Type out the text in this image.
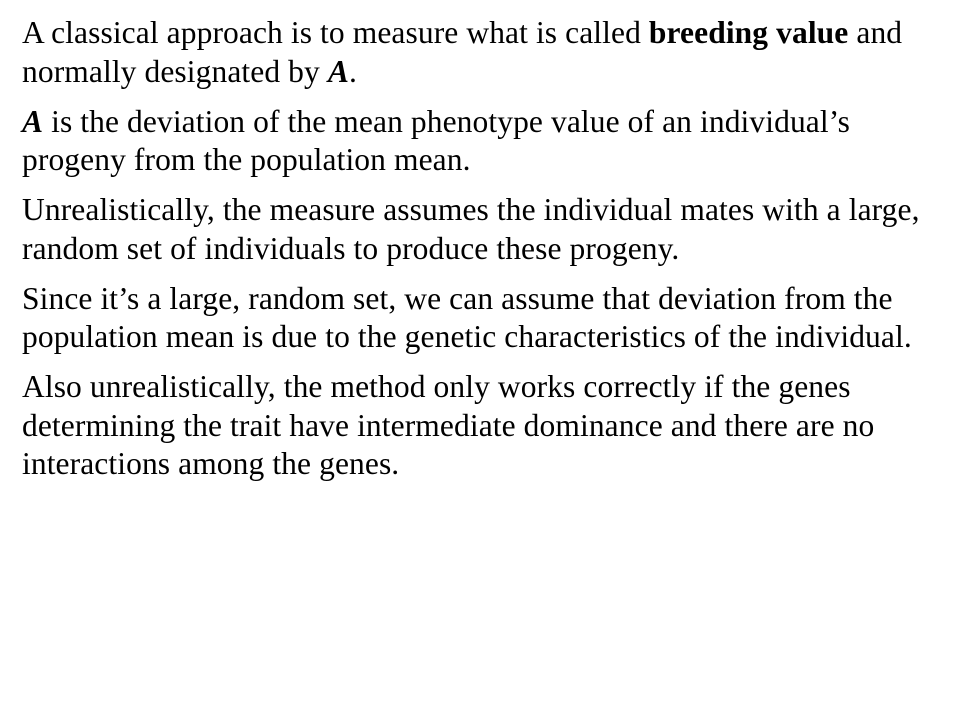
A classical approach is to measure what is called breeding value and normally designated by A.

A is the deviation of the mean phenotype value of an individual’s progeny from the population mean.

Unrealistically, the measure assumes the individual mates with a large, random set of individuals to produce these progeny.

Since it’s a large, random set, we can assume that deviation from the population mean is due to the genetic characteristics of the individual.

Also unrealistically, the method only works correctly if the genes determining the trait have intermediate dominance and there are no interactions among the genes.
